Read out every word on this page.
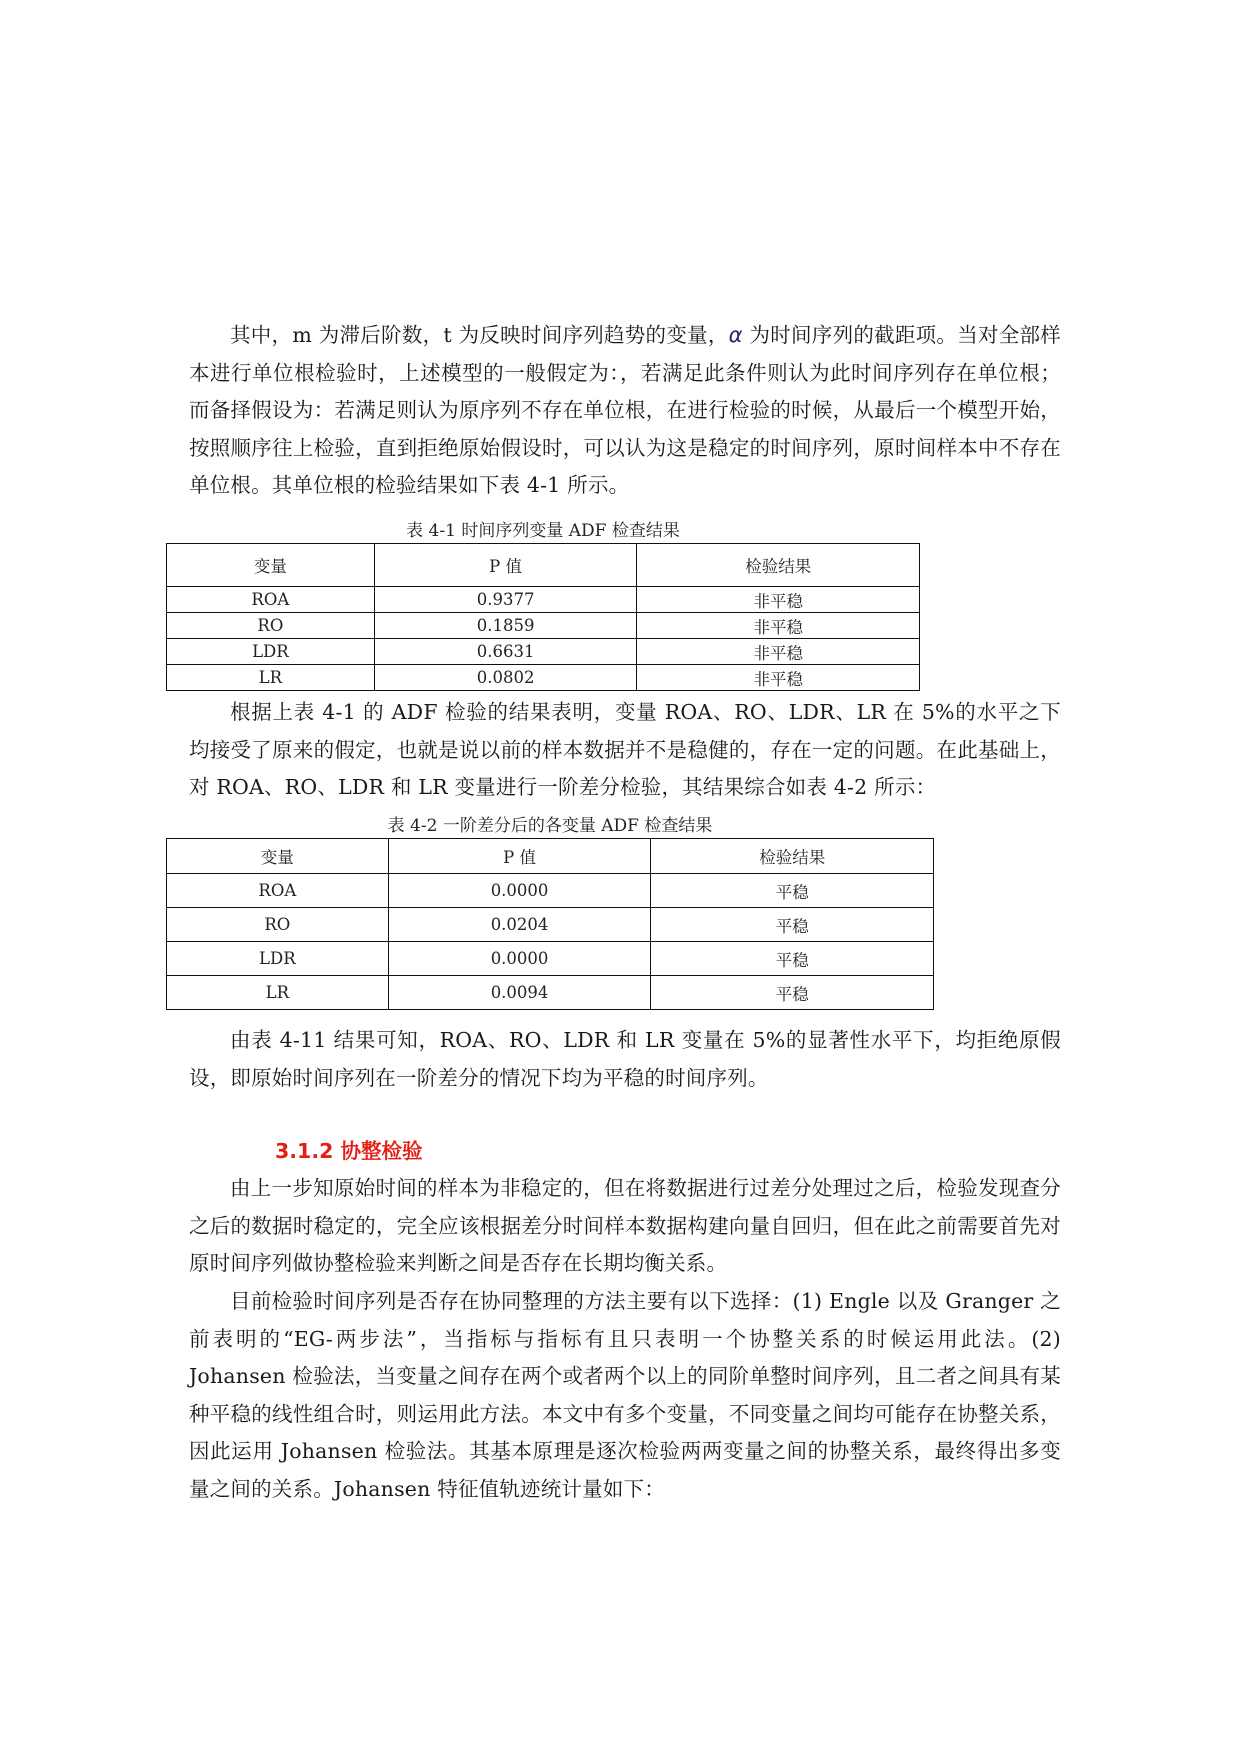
其中，m 为滞后阶数，t 为反映时间序列趋势的变量，α 为时间序列的截距项。当对全部样本进行单位根检验时，上述模型的一般假定为：，若满足此条件则认为此时间序列存在单位根；而备择假设为：若满足则认为原序列不存在单位根，在进行检验的时候，从最后一个模型开始，按照顺序往上检验，直到拒绝原始假设时，可以认为这是稳定的时间序列，原时间样本中不存在单位根。其单位根的检验结果如下表 4-1 所示。

表 4-1 时间序列变量 ADF 检查结果
变量	P 值	检验结果
ROA	0.9377	非平稳
RO	0.1859	非平稳
LDR	0.6631	非平稳
LR	0.0802	非平稳

根据上表 4-1 的 ADF 检验的结果表明，变量 ROA、RO、LDR、LR 在 5%的水平之下均接受了原来的假定，也就是说以前的样本数据并不是稳健的，存在一定的问题。在此基础上，对 ROA、RO、LDR 和 LR 变量进行一阶差分检验，其结果综合如表 4-2 所示：

表 4-2 一阶差分后的各变量 ADF 检查结果
变量	P 值	检验结果
ROA	0.0000	平稳
RO	0.0204	平稳
LDR	0.0000	平稳
LR	0.0094	平稳

由表 4-11 结果可知，ROA、RO、LDR 和 LR 变量在 5%的显著性水平下，均拒绝原假设，即原始时间序列在一阶差分的情况下均为平稳的时间序列。

3.1.2 协整检验

由上一步知原始时间的样本为非稳定的，但在将数据进行过差分处理过之后，检验发现查分之后的数据时稳定的，完全应该根据差分时间样本数据构建向量自回归，但在此之前需要首先对原时间序列做协整检验来判断之间是否存在长期均衡关系。

目前检验时间序列是否存在协同整理的方法主要有以下选择：(1) Engle 以及 Granger 之前表明的“EG-两步法”，当指标与指标有且只表明一个协整关系的时候运用此法。(2) Johansen 检验法，当变量之间存在两个或者两个以上的同阶单整时间序列，且二者之间具有某种平稳的线性组合时，则运用此方法。本文中有多个变量，不同变量之间均可能存在协整关系，因此运用 Johansen 检验法。其基本原理是逐次检验两两变量之间的协整关系，最终得出多变量之间的关系。Johansen 特征值轨迹统计量如下：
